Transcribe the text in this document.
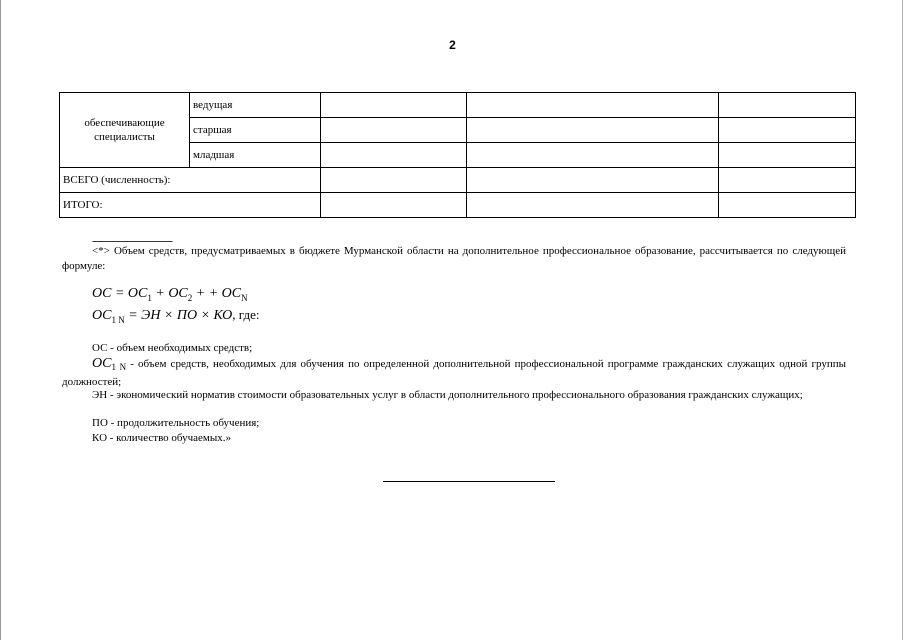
2
обеспечивающие специалисты	ведущая			
	старшая			
	младшая			
ВСЕГО (численность):				
ИТОГО:				
------------------------------
<*> Объем средств, предусматриваемых в бюджете Мурманской области на дополнительное профессиональное образование, рассчитывается по следующей формуле:
OC = $OC_1 + OC_2$ + + $OC_N$
$OC_{1 N}$ = ЭН × ПО × КО, где:
ОС - объем необходимых средств;
$OC_{1 N}$ - объем средств, необходимых для обучения по определенной дополнительной профессиональной программе гражданских служащих одной группы должностей;
ЭН - экономический норматив стоимости образовательных услуг в области дополнительного профессионального образования гражданских служащих;
ПО - продолжительность обучения;
КО - количество обучаемых.»
